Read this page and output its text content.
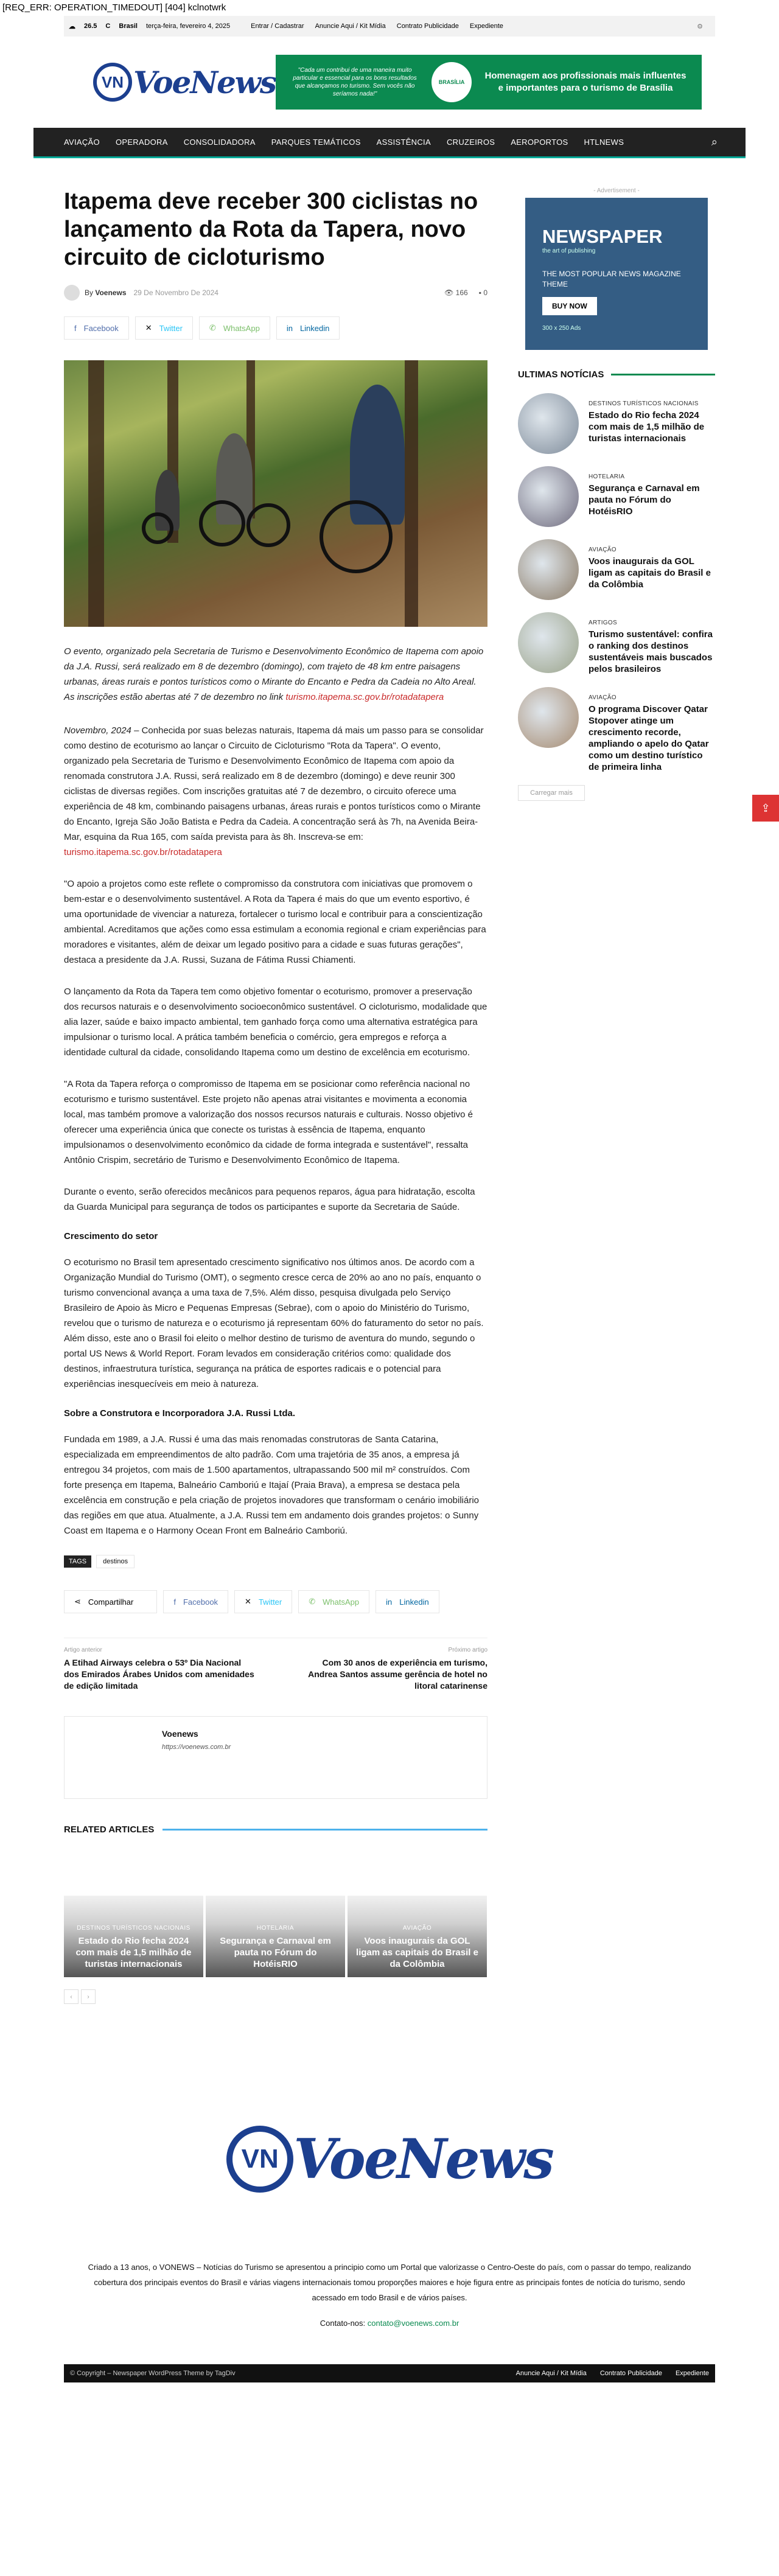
[REQ_ERR: OPERATION_TIMEDOUT] [404] kclnotwrk
☁ 26.5 C Brasil terça-feira, fevereiro 4, 2025	Entrar / Cadastrar Anuncie Aqui / Kit Mídia Contrato Publicidade Expediente	⚙
VN VoeNews	"Cada um contribui de uma maneira muito particular e essencial para os bons resultados que alcançamos no turismo. Sem vocês não seríamos nada!"
BRASÍLIA
Homenagem aos profissionais mais influentes e importantes para o turismo de Brasília
AVIAÇÃO OPERADORA CONSOLIDADORA PARQUES TEMÁTICOS ASSISTÊNCIA CRUZEIROS AEROPORTOS HTLNEWS	⌕
Itapema deve receber 300 ciclistas no lançamento da Rota da Tapera, novo circuito de cicloturismo
By Voenews 29 De Novembro De 2024	👁 166 ▪ 0
f Facebook	✕ Twitter	✆ WhatsApp	in Linkedin

O evento, organizado pela Secretaria de Turismo e Desenvolvimento Econômico de Itapema com apoio da J.A. Russi, será realizado em 8 de dezembro (domingo), com trajeto de 48 km entre paisagens urbanas, áreas rurais e pontos turísticos como o Mirante do Encanto e Pedra da Cadeia no Alto Areal. As inscrições estão abertas até 7 de dezembro no link turismo.itapema.sc.gov.br/rotadatapera

Novembro, 2024 – Conhecida por suas belezas naturais, Itapema dá mais um passo para se consolidar como destino de ecoturismo ao lançar o Circuito de Cicloturismo "Rota da Tapera". O evento, organizado pela Secretaria de Turismo e Desenvolvimento Econômico de Itapema com apoio da renomada construtora J.A. Russi, será realizado em 8 de dezembro (domingo) e deve reunir 300 ciclistas de diversas regiões. Com inscrições gratuitas até 7 de dezembro, o circuito oferece uma experiência de 48 km, combinando paisagens urbanas, áreas rurais e pontos turísticos como o Mirante do Encanto, Igreja São João Batista e Pedra da Cadeia. A concentração será às 7h, na Avenida Beira-Mar, esquina da Rua 165, com saída prevista para às 8h. Inscreva-se em: turismo.itapema.sc.gov.br/rotadatapera

"O apoio a projetos como este reflete o compromisso da construtora com iniciativas que promovem o bem-estar e o desenvolvimento sustentável. A Rota da Tapera é mais do que um evento esportivo, é uma oportunidade de vivenciar a natureza, fortalecer o turismo local e contribuir para a conscientização ambiental. Acreditamos que ações como essa estimulam a economia regional e criam experiências para moradores e visitantes, além de deixar um legado positivo para a cidade e suas futuras gerações", destaca a presidente da J.A. Russi, Suzana de Fátima Russi Chiamenti.

O lançamento da Rota da Tapera tem como objetivo fomentar o ecoturismo, promover a preservação dos recursos naturais e o desenvolvimento socioeconômico sustentável. O cicloturismo, modalidade que alia lazer, saúde e baixo impacto ambiental, tem ganhado força como uma alternativa estratégica para impulsionar o turismo local. A prática também beneficia o comércio, gera empregos e reforça a identidade cultural da cidade, consolidando Itapema como um destino de excelência em ecoturismo.

"A Rota da Tapera reforça o compromisso de Itapema em se posicionar como referência nacional no ecoturismo e turismo sustentável. Este projeto não apenas atrai visitantes e movimenta a economia local, mas também promove a valorização dos nossos recursos naturais e culturais. Nosso objetivo é oferecer uma experiência única que conecte os turistas à essência de Itapema, enquanto impulsionamos o desenvolvimento econômico da cidade de forma integrada e sustentável", ressalta Antônio Crispim, secretário de Turismo e Desenvolvimento Econômico de Itapema.

Durante o evento, serão oferecidos mecânicos para pequenos reparos, água para hidratação, escolta da Guarda Municipal para segurança de todos os participantes e suporte da Secretaria de Saúde.

Crescimento do setor

O ecoturismo no Brasil tem apresentado crescimento significativo nos últimos anos. De acordo com a Organização Mundial do Turismo (OMT), o segmento cresce cerca de 20% ao ano no país, enquanto o turismo convencional avança a uma taxa de 7,5%. Além disso, pesquisa divulgada pelo Serviço Brasileiro de Apoio às Micro e Pequenas Empresas (Sebrae), com o apoio do Ministério do Turismo, revelou que o turismo de natureza e o ecoturismo já representam 60% do faturamento do setor no país. Além disso, este ano o Brasil foi eleito o melhor destino de turismo de aventura do mundo, segundo o portal US News & World Report. Foram levados em consideração critérios como: qualidade dos destinos, infraestrutura turística, segurança na prática de esportes radicais e o potencial para experiências inesquecíveis em meio à natureza.

Sobre a Construtora e Incorporadora J.A. Russi Ltda.

Fundada em 1989, a J.A. Russi é uma das mais renomadas construtoras de Santa Catarina, especializada em empreendimentos de alto padrão. Com uma trajetória de 35 anos, a empresa já entregou 34 projetos, com mais de 1.500 apartamentos, ultrapassando 500 mil m² construídos. Com forte presença em Itapema, Balneário Camboriú e Itajaí (Praia Brava), a empresa se destaca pela excelência em construção e pela criação de projetos inovadores que transformam o cenário imobiliário das regiões em que atua. Atualmente, a J.A. Russi tem em andamento dois grandes projetos: o Sunny Coast em Itapema e o Harmony Ocean Front em Balneário Camboriú.

TAGS	destinos
⋖ Compartilhar	f Facebook	✕ Twitter	✆ WhatsApp	in Linkedin
Artigo anterior
A Etihad Airways celebra o 53º Dia Nacional dos Emirados Árabes Unidos com amenidades de edição limitada
Próximo artigo
Com 30 anos de experiência em turismo, Andrea Santos assume gerência de hotel no litoral catarinense
Voenews
https://voenews.com.br
RELATED ARTICLES
DESTINOS TURÍSTICOS NACIONAIS
Estado do Rio fecha 2024 com mais de 1,5 milhão de turistas internacionais
HOTELARIA
Segurança e Carnaval em pauta no Fórum do HotéisRIO
AVIAÇÃO
Voos inaugurais da GOL ligam as capitais do Brasil e da Colômbia
‹	›
- Advertisement -
NEWSPAPER
the art of publishing
THE MOST POPULAR NEWS MAGAZINE THEME
BUY NOW
300 x 250 Ads
ULTIMAS NOTÍCIAS
DESTINOS TURÍSTICOS NACIONAIS
Estado do Rio fecha 2024 com mais de 1,5 milhão de turistas internacionais
HOTELARIA
Segurança e Carnaval em pauta no Fórum do HotéisRIO
AVIAÇÃO
Voos inaugurais da GOL ligam as capitais do Brasil e da Colômbia
ARTIGOS
Turismo sustentável: confira o ranking dos destinos sustentáveis mais buscados pelos brasileiros
AVIAÇÃO
O programa Discover Qatar Stopover atinge um crescimento recorde, ampliando o apelo do Qatar como um destino turístico de primeira linha
Carregar mais
⇪
VN VoeNews
Criado a 13 anos, o VONEWS – Notícias do Turismo se apresentou a principio como um Portal que valorizasse o Centro-Oeste do país, com o passar do tempo, realizando cobertura dos principais eventos do Brasil e várias viagens internacionais tomou proporções maiores e hoje figura entre as principais fontes de notícia do turismo, sendo acessado em todo Brasil e de vários países.
Contato-nos: contato@voenews.com.br
© Copyright – Newspaper WordPress Theme by TagDiv	Anuncie Aqui / Kit Mídia Contrato Publicidade Expediente
